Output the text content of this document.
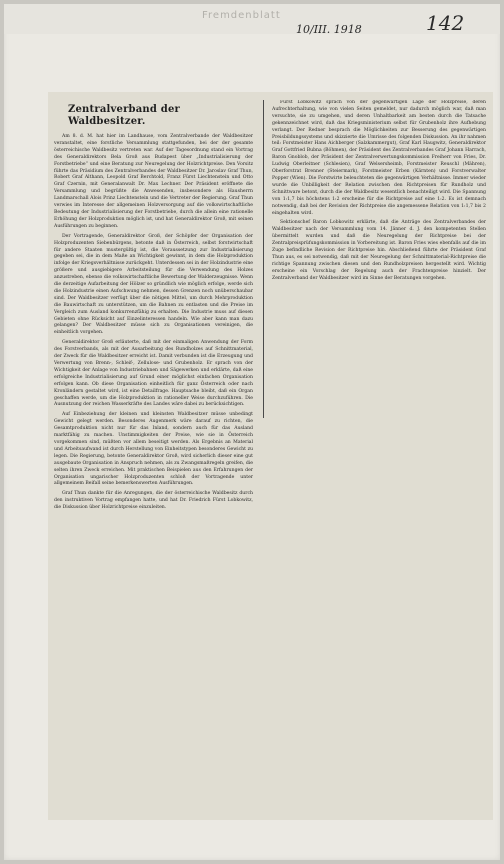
Fremdenblatt
10/III. 1918	142
Zentralverband der Waldbesitzer.

Am 8. d. M. hat hier im Landhause, vom Zentralverbande der Waldbesitzer veranstaltet, eine forstliche Versammlung stattgefunden, bei der der gesamte österreichische Waldbesitz vertreten war. Auf der Tagesordnung stand ein Vortrag des Generaldirektors Bela Groß aus Budapest über „Industrialisierung der Forstbetriebe“ und eine Beratung zur Neuregelung der Holzrichtpreise. Den Vorsitz führte das Präsidium des Zentralverbandes der Waldbesitzer Dr. Jaroslav Graf Thun, Robert Graf Althann, Leopold Graf Berchtold, Franz Fürst Liechtenstein und Otto Graf Czernin, mit Generalanwalt Dr. Max Lechner. Der Präsident eröffnete die Versammlung und begrüßte die Anwesenden, insbesondere als Hausherrn Landmarschall Alois Prinz Liechtenstein und die Vertreter der Regierung. Graf Thun verwies im Interesse der allgemeinen Holzversorgung auf die volkswirtschaftliche Bedeutung der Industrialisierung der Forstbetriebe, durch die allein eine rationelle Erhöhung der Holzproduktion möglich ist, und hat Generaldirektor Groß, mit seinen Ausführungen zu beginnen.

Der Vortragende, Generaldirektor Groß, der Schöpfer der Organisation der Holzproduzenten Siebenbürgens, betonte daß in Österreich, selbst forstwirtschaft für andere Staaten mustergültig ist, die Voraussetzung zur Industrialisierung gegeben sei, die in dem Maße an Wichtigkeit gewinnt, in dem die Holzproduktion infolge der Kriegsverhältnisse zurückgeht. Unterdessen sei in der Holzindustrie eine größere und ausgiebigere Arbeitsteilung für die Verwendung des Holzes anzustreben, ebenso die volkswirtschaftliche Bewertung der Walderzeugnisse. Wenn die derzeitige Aufarbeitung der Hölzer so gründlich wie möglich erfolge, werde sich die Holzindustrie einen Aufschwung nehmen, dessen Grenzen noch unüberschaubar sind. Der Waldbesitzer verfügt über die nötigen Mittel, um durch Mehrproduktion die Bauwirtschaft zu unterstützen, um die Bahnen zu entlasten und die Preise im Vergleich zum Ausland konkurrenzfähig zu erhalten. Die Industrie muss auf diesen Gebieten ohne Rücksicht auf Einzelinteressen handeln. Wie aber kann man dazu gelangen? Der Waldbesitzer müsse sich zu Organisationen vereinigen, die einheitlich vorgehen.

Generaldirektor Groß erläuterte, daß mit der einmaligen Anwendung der Form des Forstverbands, als mit der Ausarbeitung des Rundholzes auf Schnittmaterial, der Zweck für die Waldbesitzer erreicht ist. Damit verbunden ist die Erzeugung und Verwertung von Brenn-, Schleif-, Zellulose- und Grubenholz. Er sprach von der Wichtigkeit der Anlage von Industriebahnen und Sägewerken und erklärte, daß eine erfolgreiche Industrialisierung auf Grund einer möglichst einfachen Organisation erfolgen kann. Ob diese Organisation einheitlich für ganz Österreich oder nach Kronländern gestaltet wird, ist eine Detailfrage. Hauptsache bleibt, daß ein Organ geschaffen werde, um die Holzproduktion in rationeller Weise durchzuführen. Die Ausnutzung der reichen Wasserkräfte des Landes wäre dabei zu berücksichtigen.

Auf Einbeziehung der kleinen und kleinsten Waldbesitzer müsse unbedingt Gewicht gelegt werden. Besonderes Augenmerk wäre darauf zu richten, die Gesamtproduktion nicht nur für das Inland, sondern auch für das Ausland marktfähig zu machen. Unstimmigkeiten der Preise, wie sie in Österreich vorgekommen sind, müßten vor allem beseitigt werden. Als Ergebnis an Material und Arbeitsaufwand ist durch Herstellung von Einheitstypen besonderes Gewicht zu legen. Die Regierung, betonte Generaldirektor Groß, wird sicherlich dieser eine gut ausgebaute Organisation in Anspruch nehmen, als zu Zwangsmaßregeln greifen, die selten ihren Zweck erreichen. Mit praktischen Beispielen aus den Erfahrungen der Organisation ungarischer Holzproduzenten schloß der Vortragende unter allgemeinem Beifall seine bemerkenswerten Ausführungen.

Graf Thun dankte für die Anregungen, die der österreichische Waldbesitz durch den instruktiven Vortrag empfangen hatte, und hat Dr. Friedrich Fürst Lobkowitz, die Diskussion über Holzrichtpreise einzuleiten.

Fürst Lobkowitz sprach von der gegenwärtigen Lage der Holzpreise, deren Aufrechterhaltung, wie von vielen Seiten gemeldet, nur dadurch möglich war, daß man versuchte, sie zu umgehen, und deren Unhaltbarkeit am besten durch die Tatsache gekennzeichnet wird, daß das Kriegsministerium selbst für Grubenholz ihre Aufhebung verlangt. Der Redner besprach die Möglichkeiten zur Besserung des gegenwärtigen Preisbildungssystems und skizzierte die Umrisse des folgenden Diskussion. An ihr nahmen teil: Forstmeister Hans Aichberger (Salzkammergut), Graf Karl Haugwitz, Generaldirektor Graf Gottfried Bubna (Böhmen), der Präsident des Zentralverbandes Graf Johann Harrach, Baron Gnoblob, der Präsident der Zentralverwertungskommission Freiherr von Fries, Dr. Ludwig Oberleitner (Schlesien), Graf Welsersheimb, Forstmeister Reuschl (Mähren), Oberforstrat Brenner (Steiermark), Forstmeister Erben (Kärnten) und Forstverwalter Popper (Wien). Die Forstwirte beleuchteten die gegenwärtigen Verhältnisse. Immer wieder wurde die Unbilligkeit der Relation zwischen den Richtpreisen für Rundholz und Schnittware betont, durch die der Waldbesitz wesentlich benachteiligt wird. Die Spannung von 1:1,7 bis höchstens 1:2 erscheine für die Richtpreise auf eine 1:2. Es ist demnach notwendig, daß bei der Revision der Richtpreise die angemessene Relation von 1:1,7 bis 2 eingehalten wird.

Sektionschef Baron Lobkowitz erklärte, daß die Anträge des Zentralverbandes der Waldbesitzer nach der Versammlung vom 14. Jänner d. J. den kompetenten Stellen übermittelt wurden und daß die Neuregelung der Richtpreise bei der Zentralpreisprüfungskommission in Vorbereitung ist. Baron Fries wies ebenfalls auf die im Zuge befindliche Revision der Richtpreise hin. Abschließend führte der Präsident Graf Thun aus, es sei notwendig, daß mit der Neuregelung der Schnittmaterial-Richtpreise die richtige Spannung zwischen diesen und den Rundholzpreisen hergestellt wird. Wichtig erscheine ein Vorschlag der Regelung auch der Frachtenpreise hinzielt. Der Zentralverband der Waldbesitzer wird im Sinne der Beratungen vorgehen.
